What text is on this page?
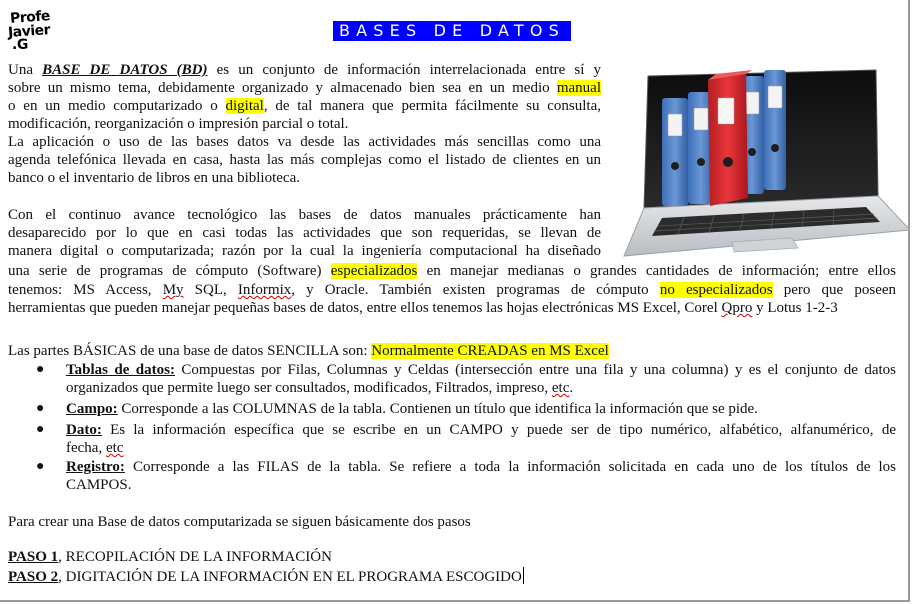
Profe
Javier
.G
BASES DE DATOS
Una BASE DE DATOS (BD) es un conjunto de información interrelacionada entre sí y
sobre un mismo tema, debidamente organizado y almacenado bien sea en un medio manual
o en un medio computarizado o digital, de tal manera que permita fácilmente su consulta,
modificación, reorganización o impresión parcial o total.
La aplicación o uso de las bases datos va desde las actividades más sencillas como una
agenda telefónica llevada en casa, hasta las más complejas como el listado de clientes en un
banco o el inventario de libros en una biblioteca.
Con el continuo avance tecnológico las bases de datos manuales prácticamente han
desaparecido por lo que en casi todas las actividades que son requeridas, se llevan de
manera digital o computarizada; razón por la cual la ingeniería computacional ha diseñado
una serie de programas de cómputo (Software) especializados en manejar medianas o grandes cantidades de información; entre ellos
tenemos: MS Access, My SQL, Informix, y Oracle. También existen programas de cómputo no especializados pero que poseen
herramientas que pueden manejar pequeñas bases de datos, entre ellos tenemos las hojas electrónicas MS Excel, Corel Qpro y Lotus 1-2-3
Las partes BÁSICAS de una base de datos SENCILLA son: Normalmente CREADAS en MS Excel
● Tablas de datos: Compuestas por Filas, Columnas y Celdas (intersección entre una fila y una columna) y es el conjunto de datos
organizados que permite luego ser consultados, modificados, Filtrados, impreso, etc.
● Campo: Corresponde a las COLUMNAS de la tabla. Contienen un título que identifica la información que se pide.
● Dato: Es la información específica que se escribe en un CAMPO y puede ser de tipo numérico, alfabético, alfanumérico, de
fecha, etc
● Registro: Corresponde a las FILAS de la tabla. Se refiere a toda la información solicitada en cada uno de los títulos de los
CAMPOS.
Para crear una Base de datos computarizada se siguen básicamente dos pasos
PASO 1, RECOPILACIÓN DE LA INFORMACIÓN
PASO 2, DIGITACIÓN DE LA INFORMACIÓN EN EL PROGRAMA ESCOGIDO
